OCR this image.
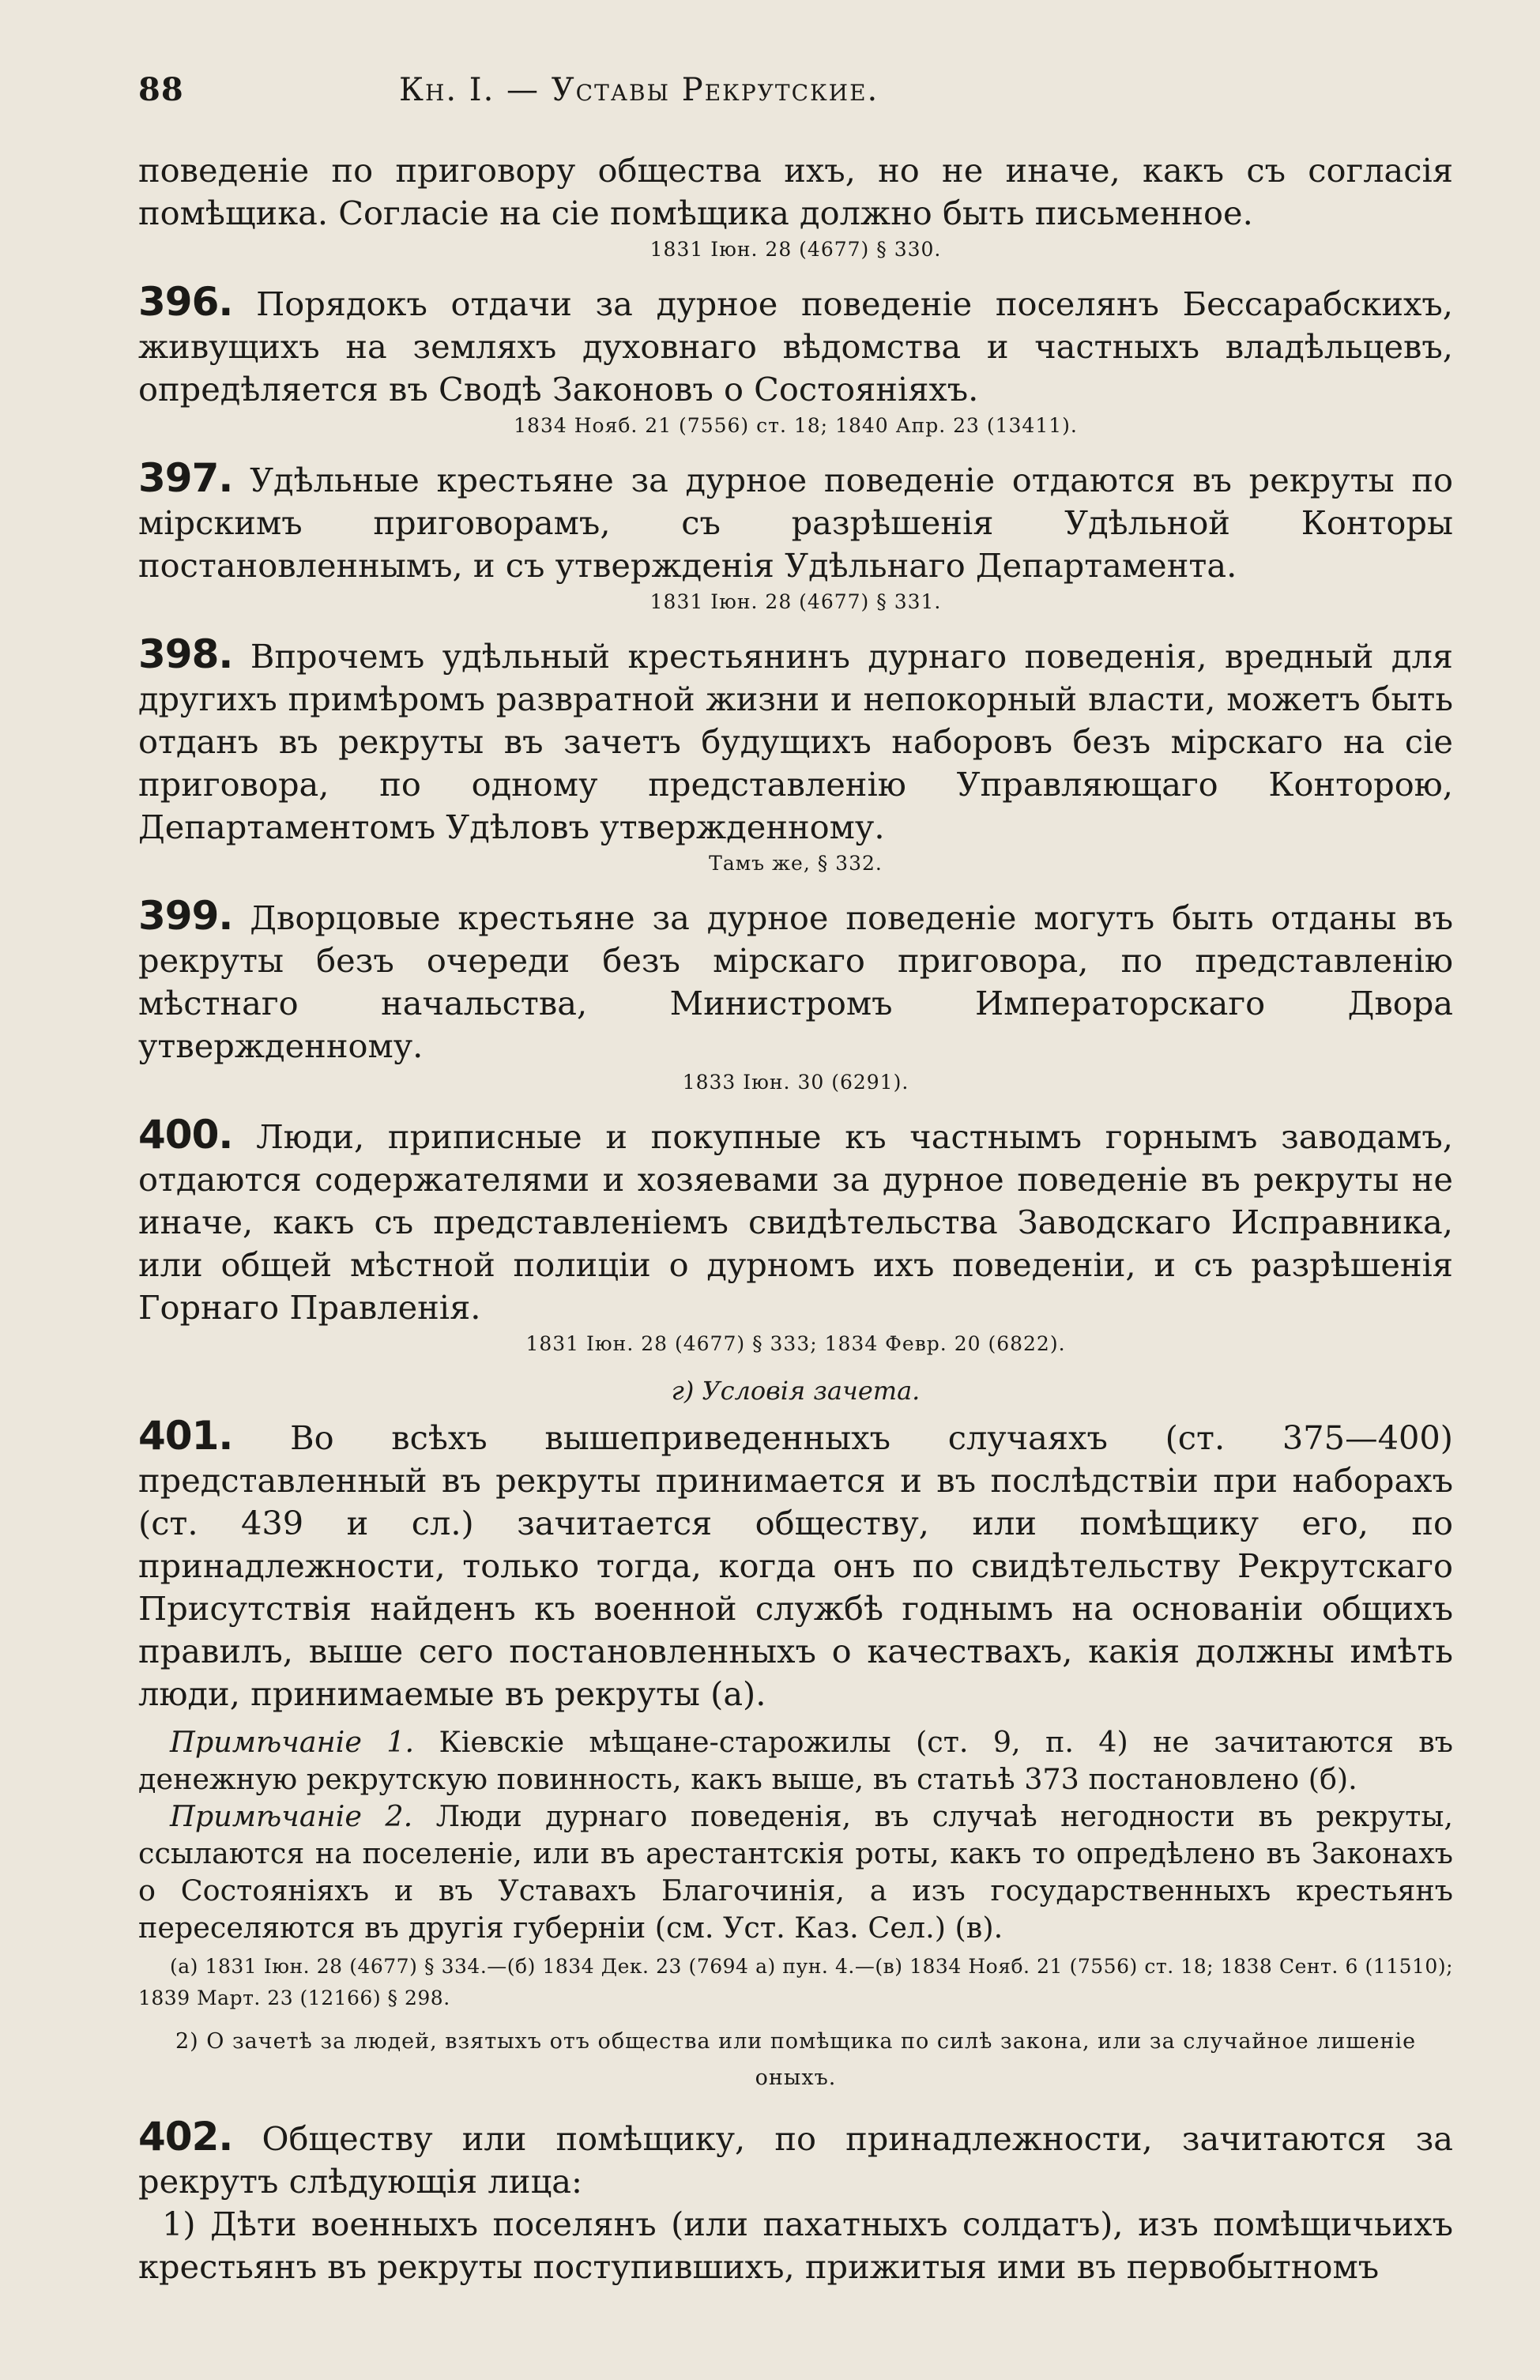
88	Кн. I. — Уставы Рекрутские.

поведеніе по приговору общества ихъ, но не иначе, какъ съ согласія помѣщика. Согласіе на сіе помѣщика должно быть письменное.

1831 Іюн. 28 (4677) § 330.

396. Порядокъ отдачи за дурное поведеніе поселянъ Бессарабскихъ, живущихъ на земляхъ духовнаго вѣдомства и частныхъ владѣльцевъ, опредѣляется въ Сводѣ Законовъ о Состояніяхъ.

1834 Нояб. 21 (7556) ст. 18; 1840 Апр. 23 (13411).

397. Удѣльные крестьяне за дурное поведеніе отдаются въ рекруты по мірскимъ приговорамъ, съ разрѣшенія Удѣльной Конторы постановленнымъ, и съ утвержденія Удѣльнаго Департамента.

1831 Іюн. 28 (4677) § 331.

398. Впрочемъ удѣльный крестьянинъ дурнаго поведенія, вредный для другихъ примѣромъ развратной жизни и непокорный власти, можетъ быть отданъ въ рекруты въ зачетъ будущихъ наборовъ безъ мірскаго на сіе приговора, по одному представленію Управляющаго Конторою, Департаментомъ Удѣловъ утвержденному.

Тамъ же, § 332.

399. Дворцовые крестьяне за дурное поведеніе могутъ быть отданы въ рекруты безъ очереди безъ мірскаго приговора, по представленію мѣстнаго начальства, Министромъ Императорскаго Двора утвержденному.

1833 Іюн. 30 (6291).

400. Люди, приписные и покупные къ частнымъ горнымъ заводамъ, отдаются содержателями и хозяевами за дурное поведеніе въ рекруты не иначе, какъ съ представленіемъ свидѣтельства Заводскаго Исправника, или общей мѣстной полиціи о дурномъ ихъ поведеніи, и съ разрѣшенія Горнаго Правленія.

1831 Іюн. 28 (4677) § 333; 1834 Февр. 20 (6822).

г) Условія зачета.

401. Во всѣхъ вышеприведенныхъ случаяхъ (ст. 375—400) представленный въ рекруты принимается и въ послѣдствіи при наборахъ (ст. 439 и сл.) зачитается обществу, или помѣщику его, по принадлежности, только тогда, когда онъ по свидѣтельству Рекрутскаго Присутствія найденъ къ военной службѣ годнымъ на основаніи общихъ правилъ, выше сего постановленныхъ о качествахъ, какія должны имѣть люди, принимаемые въ рекруты (а).

Примѣчаніе 1. Кіевскіе мѣщане-старожилы (ст. 9, п. 4) не зачитаются въ денежную рекрутскую повинность, какъ выше, въ статьѣ 373 постановлено (б).

Примѣчаніе 2. Люди дурнаго поведенія, въ случаѣ негодности въ рекруты, ссылаются на поселеніе, или въ арестантскія роты, какъ то опредѣлено въ Законахъ о Состояніяхъ и въ Уставахъ Благочинія, а изъ государственныхъ крестьянъ переселяются въ другія губерніи (см. Уст. Каз. Сел.) (в).

(а) 1831 Іюн. 28 (4677) § 334.—(б) 1834 Дек. 23 (7694 а) пун. 4.—(в) 1834 Нояб. 21 (7556) ст. 18; 1838 Сент. 6 (11510); 1839 Март. 23 (12166) § 298.

2) О зачетѣ за людей, взятыхъ отъ общества или помѣщика по силѣ закона, или за случайное лишеніе оныхъ.

402. Обществу или помѣщику, по принадлежности, зачитаются за рекрутъ слѣдующія лица:

1) Дѣти военныхъ поселянъ (или пахатныхъ солдатъ), изъ помѣщичьихъ крестьянъ въ рекруты поступившихъ, прижитыя ими въ первобытномъ
